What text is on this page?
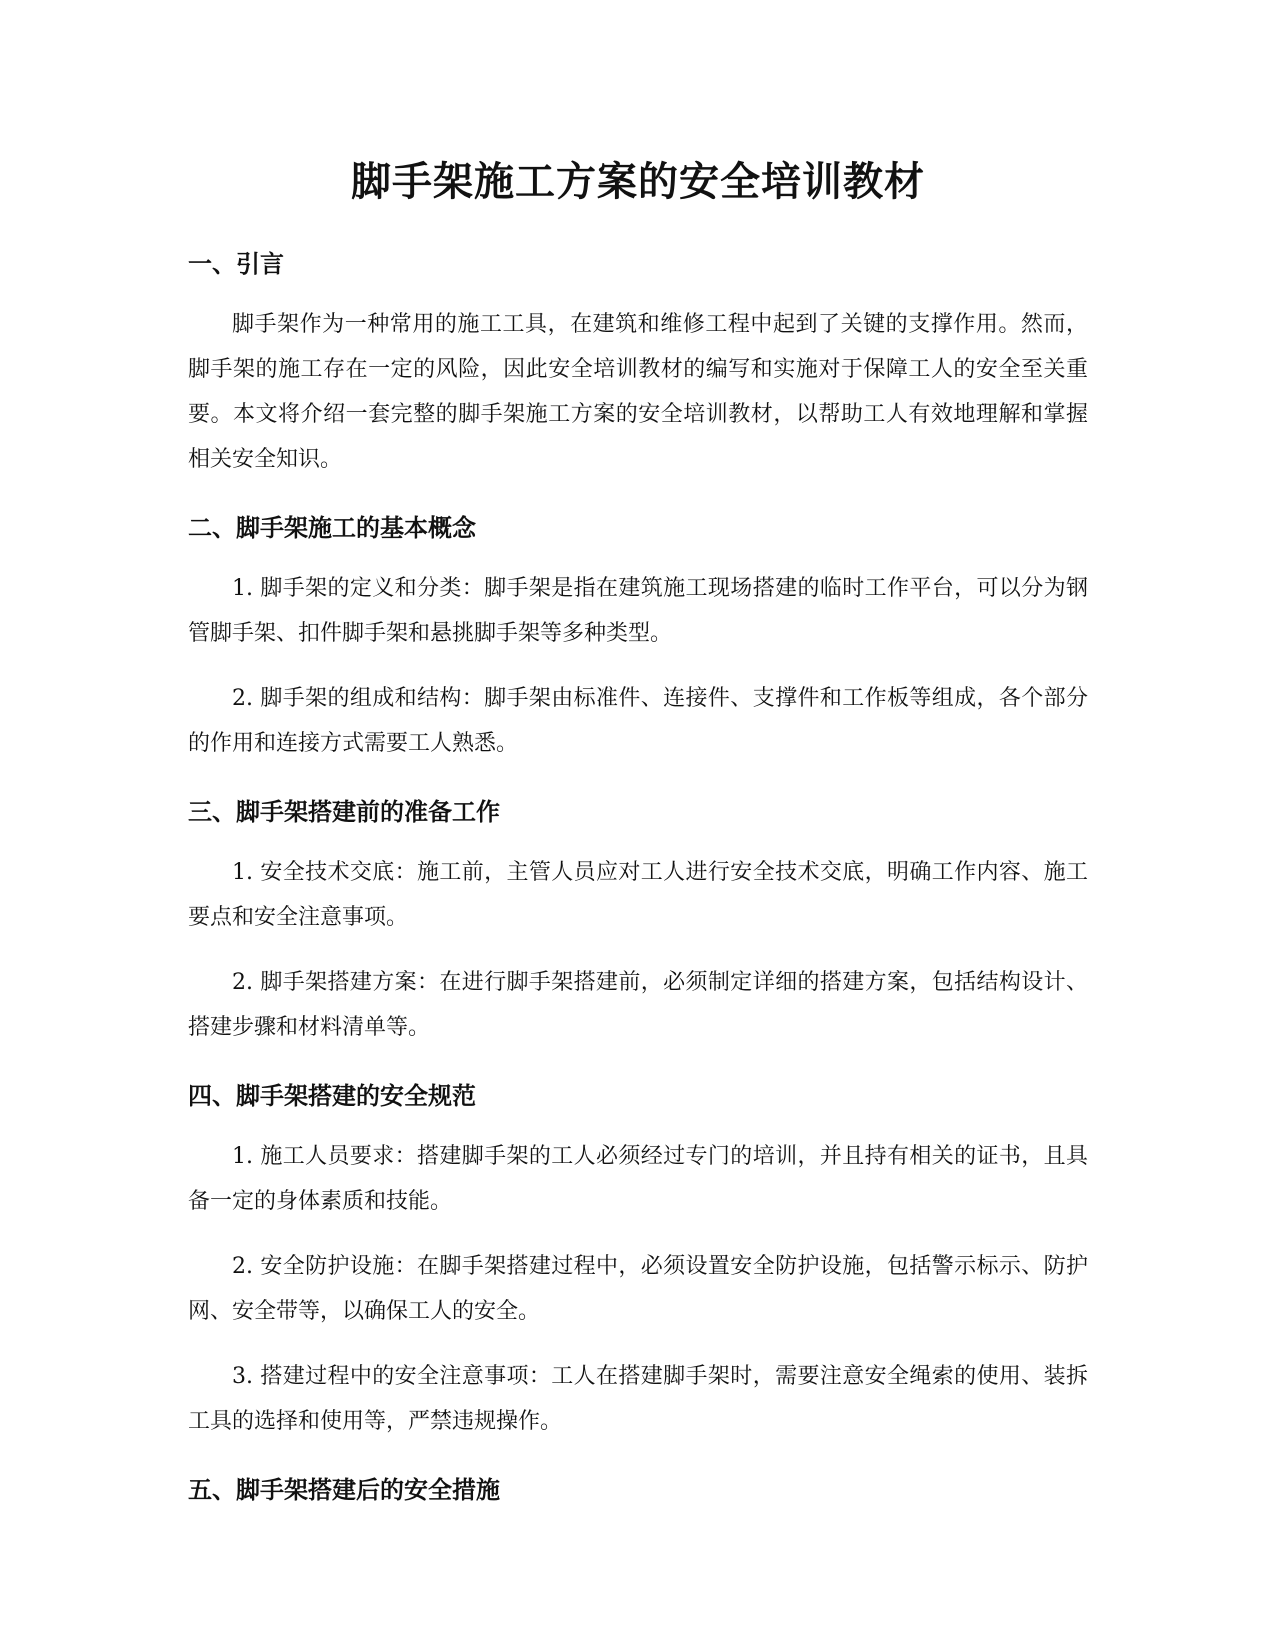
脚手架施工方案的安全培训教材
一、引言

脚手架作为一种常用的施工工具，在建筑和维修工程中起到了关键的支撑作用。然而，脚手架的施工存在一定的风险，因此安全培训教材的编写和实施对于保障工人的安全至关重要。本文将介绍一套完整的脚手架施工方案的安全培训教材，以帮助工人有效地理解和掌握相关安全知识。

二、脚手架施工的基本概念

1. 脚手架的定义和分类：脚手架是指在建筑施工现场搭建的临时工作平台，可以分为钢管脚手架、扣件脚手架和悬挑脚手架等多种类型。

2. 脚手架的组成和结构：脚手架由标准件、连接件、支撑件和工作板等组成，各个部分的作用和连接方式需要工人熟悉。

三、脚手架搭建前的准备工作

1. 安全技术交底：施工前，主管人员应对工人进行安全技术交底，明确工作内容、施工要点和安全注意事项。

2. 脚手架搭建方案：在进行脚手架搭建前，必须制定详细的搭建方案，包括结构设计、搭建步骤和材料清单等。

四、脚手架搭建的安全规范

1. 施工人员要求：搭建脚手架的工人必须经过专门的培训，并且持有相关的证书，且具备一定的身体素质和技能。

2. 安全防护设施：在脚手架搭建过程中，必须设置安全防护设施，包括警示标示、防护网、安全带等，以确保工人的安全。

3. 搭建过程中的安全注意事项：工人在搭建脚手架时，需要注意安全绳索的使用、装拆工具的选择和使用等，严禁违规操作。

五、脚手架搭建后的安全措施
